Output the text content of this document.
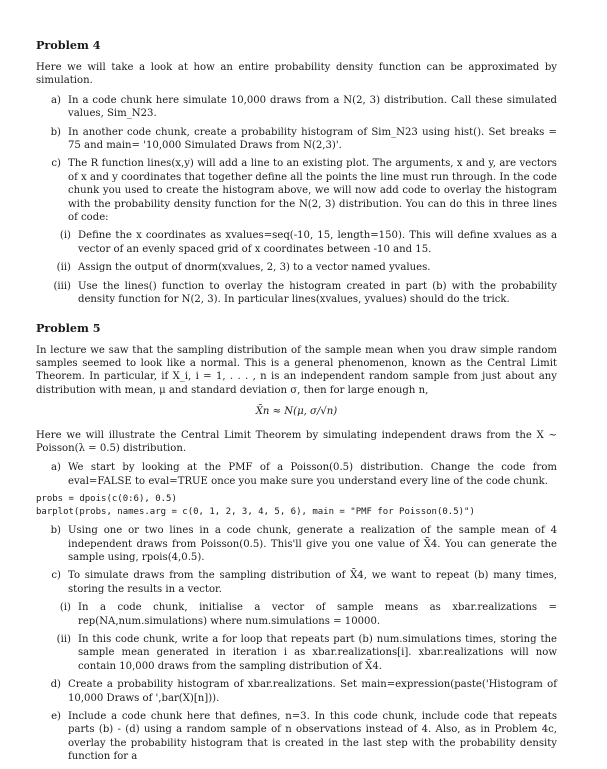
Problem 4

Here we will take a look at how an entire probability density function can be approximated by simulation.

a) In a code chunk here simulate 10,000 draws from a N(2, 3) distribution. Call these simulated values, Sim_N23.
b) In another code chunk, create a probability histogram of Sim_N23 using hist(). Set breaks = 75 and main= '10,000 Simulated Draws from N(2,3)'.
c) The R function lines(x,y) will add a line to an existing plot. The arguments, x and y, are vectors of x and y coordinates that together define all the points the line must run through. In the code chunk you used to create the histogram above, we will now add code to overlay the histogram with the probability density function for the N(2, 3) distribution. You can do this in three lines of code:
(i) Define the x coordinates as xvalues=seq(-10, 15, length=150). This will define xvalues as a vector of an evenly spaced grid of x coordinates between -10 and 15.
(ii) Assign the output of dnorm(xvalues, 2, 3) to a vector named yvalues.
(iii) Use the lines() function to overlay the histogram created in part (b) with the probability density function for N(2, 3). In particular lines(xvalues, yvalues) should do the trick.
Problem 5

In lecture we saw that the sampling distribution of the sample mean when you draw simple random samples seemed to look like a normal. This is a general phenomenon, known as the Central Limit Theorem. In particular, if X_i, i = 1, . . . , n is an independent random sample from just about any distribution with mean, μ and standard deviation σ, then for large enough n,

X̄n ≈ N(μ, σ/√n)

Here we will illustrate the Central Limit Theorem by simulating independent draws from the X ∼ Poisson(λ = 0.5) distribution.

a) We start by looking at the PMF of a Poisson(0.5) distribution. Change the code from eval=FALSE to eval=TRUE once you make sure you understand every line of the code chunk.
probs = dpois(c(0:6), 0.5)
barplot(probs, names.arg = c(0, 1, 2, 3, 4, 5, 6), main = "PMF for Poisson(0.5)")
b) Using one or two lines in a code chunk, generate a realization of the sample mean of 4 independent draws from Poisson(0.5). This'll give you one value of X̄4. You can generate the sample using, rpois(4,0.5).
c) To simulate draws from the sampling distribution of X̄4, we want to repeat (b) many times, storing the results in a vector.
(i) In a code chunk, initialise a vector of sample means as xbar.realizations = rep(NA,num.simulations) where num.simulations = 10000.
(ii) In this code chunk, write a for loop that repeats part (b) num.simulations times, storing the sample mean generated in iteration i as xbar.realizations[i]. xbar.realizations will now contain 10,000 draws from the sampling distribution of X̄4.
d) Create a probability histogram of xbar.realizations. Set main=expression(paste('Histogram of 10,000 Draws of ',bar(X)[n])).
e) Include a code chunk here that defines, n=3. In this code chunk, include code that repeats parts (b) - (d) using a random sample of n observations instead of 4. Also, as in Problem 4c, overlay the probability histogram that is created in the last step with the probability density function for a
